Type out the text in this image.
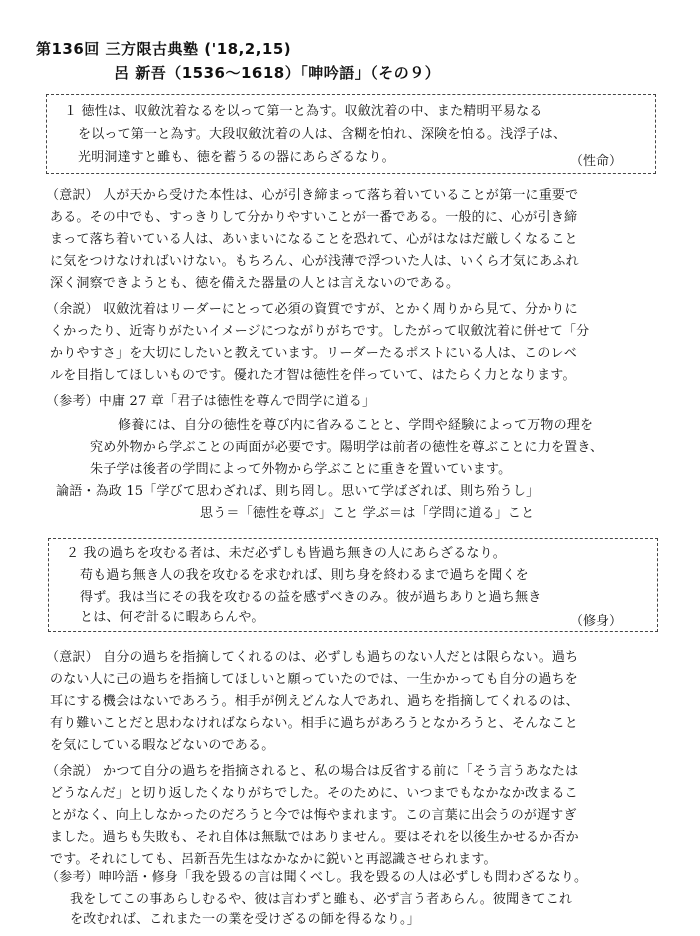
第136回 三方限古典塾 ('18,2,15)
呂 新吾（1536〜1618）「呻吟語」（その９）
１ 徳性は、収斂沈着なるを以って第一と為す。収斂沈着の中、また精明平易なる
を以って第一と為す。大段収斂沈着の人は、含糊を怕れ、深険を怕る。浅浮子は、
光明洞達すと雖も、徳を蓄うるの器にあらざるなり。	（性命）
（意訳） 人が天から受けた本性は、心が引き締まって落ち着いていることが第一に重要で
ある。その中でも、すっきりして分かりやすいことが一番である。一般的に、心が引き締
まって落ち着いている人は、あいまいになることを恐れて、心がはなはだ厳しくなること
に気をつけなければいけない。もちろん、心が浅薄で浮ついた人は、いくら才気にあふれ
深く洞察できようとも、徳を備えた器量の人とは言えないのである。
（余説） 収斂沈着はリーダーにとって必須の資質ですが、とかく周りから見て、分かりに
くかったり、近寄りがたいイメージにつながりがちです。したがって収斂沈着に併せて「分
かりやすさ」を大切にしたいと教えています。リーダーたるポストにいる人は、このレベ
ルを目指してほしいものです。優れた才智は徳性を伴っていて、はたらく力となります。
（参考）中庸 27 章「君子は徳性を尊んで問学に道る」
修養には、自分の徳性を尊び内に省みることと、学問や経験によって万物の理を
究め外物から学ぶことの両面が必要です。陽明学は前者の徳性を尊ぶことに力を置き、
朱子学は後者の学問によって外物から学ぶことに重きを置いています。
論語・為政 15「学びて思わざれば、則ち罔し。思いて学ばざれば、則ち殆うし」
思う＝「徳性を尊ぶ」こと 学ぶ＝は「学問に道る」こと
２ 我の過ちを攻むる者は、未だ必ずしも皆過ち無きの人にあらざるなり。
苟も過ち無き人の我を攻むるを求むれば、則ち身を終わるまで過ちを聞くを
得ず。我は当にその我を攻むるの益を感ずべきのみ。彼が過ちありと過ち無き
とは、何ぞ計るに暇あらんや。	（修身）
（意訳） 自分の過ちを指摘してくれるのは、必ずしも過ちのない人だとは限らない。過ち
のない人に己の過ちを指摘してほしいと願っていたのでは、一生かかっても自分の過ちを
耳にする機会はないであろう。相手が例えどんな人であれ、過ちを指摘してくれるのは、
有り難いことだと思わなければならない。相手に過ちがあろうとなかろうと、そんなこと
を気にしている暇などないのである。
（余説） かつて自分の過ちを指摘されると、私の場合は反省する前に「そう言うあなたは
どうなんだ」と切り返したくなりがちでした。そのために、いつまでもなかなか改まるこ
とがなく、向上しなかったのだろうと今では悔やまれます。この言葉に出会うのが遅すぎ
ました。過ちも失敗も、それ自体は無駄ではありません。要はそれを以後生かせるか否か
です。それにしても、呂新吾先生はなかなかに鋭いと再認識させられます。
（参考）呻吟語・修身「我を毀るの言は聞くべし。我を毀るの人は必ずしも問わざるなり。
我をしてこの事あらしむるや、彼は言わずと雖も、必ず言う者あらん。彼聞きてこれ
を改むれば、これまた一の業を受けざるの師を得るなり。」
